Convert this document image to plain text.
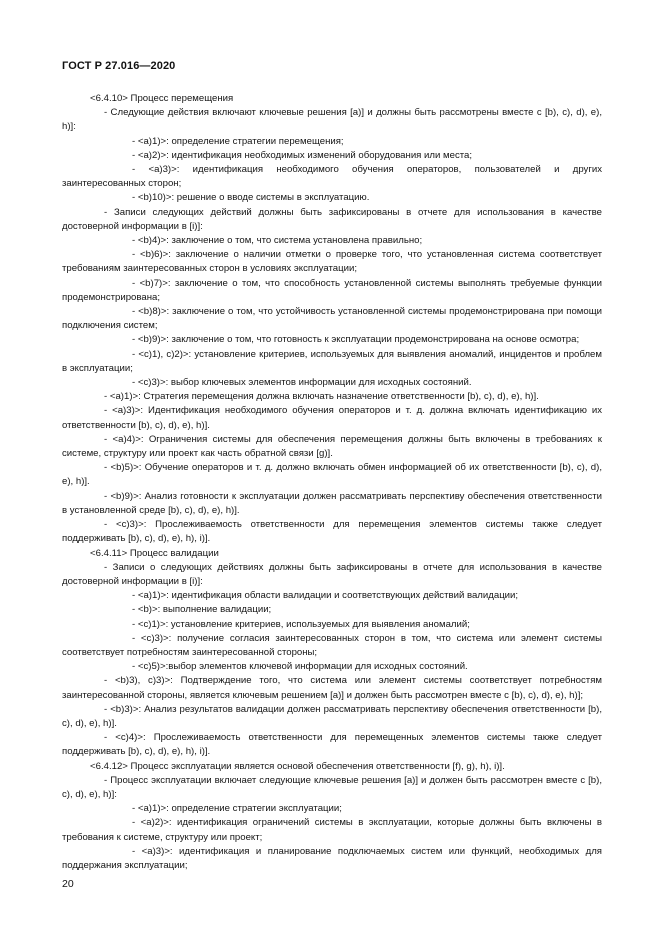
ГОСТ Р 27.016—2020

<6.4.10> Процесс перемещения

- Следующие действия включают ключевые решения [a)] и должны быть рассмотрены вместе с [b), c), d), e), h)]:

- <a)1)>: определение стратегии перемещения;

- <a)2)>: идентификация необходимых изменений оборудования или места;

- <a)3)>: идентификация необходимого обучения операторов, пользователей и других заинтересованных сторон;

- <b)10)>: решение о вводе системы в эксплуатацию.

- Записи следующих действий должны быть зафиксированы в отчете для использования в качестве достоверной информации в [i)]:

- <b)4)>: заключение о том, что система установлена правильно;

- <b)6)>: заключение о наличии отметки о проверке того, что установленная система соответствует требованиям заинтересованных сторон в условиях эксплуатации;

- <b)7)>: заключение о том, что способность установленной системы выполнять требуемые функции продемонстрирована;

- <b)8)>: заключение о том, что устойчивость установленной системы продемонстрирована при помощи подключения систем;

- <b)9)>: заключение о том, что готовность к эксплуатации продемонстрирована на основе осмотра;

- <c)1), c)2)>: установление критериев, используемых для выявления аномалий, инцидентов и проблем в эксплуатации;

- <c)3)>: выбор ключевых элементов информации для исходных состояний.

- <a)1)>: Стратегия перемещения должна включать назначение ответственности [b), c), d), e), h)].

- <a)3)>: Идентификация необходимого обучения операторов и т. д. должна включать идентификацию их ответственности [b), c), d), e), h)].

- <a)4)>: Ограничения системы для обеспечения перемещения должны быть включены в требованиях к системе, структуру или проект как часть обратной связи [g)].

- <b)5)>: Обучение операторов и т. д. должно включать обмен информацией об их ответственности [b), c), d), e), h)].

- <b)9)>: Анализ готовности к эксплуатации должен рассматривать перспективу обеспечения ответственности в установленной среде [b), c), d), e), h)].

- <c)3)>: Прослеживаемость ответственности для перемещения элементов системы также следует поддерживать [b), c), d), e), h), i)].

<6.4.11> Процесс валидации

- Записи о следующих действиях должны быть зафиксированы в отчете для использования в качестве достоверной информации в [i)]:

- <a)1)>: идентификация области валидации и соответствующих действий валидации;

- <b)>: выполнение валидации;

- <c)1)>: установление критериев, используемых для выявления аномалий;

- <c)3)>: получение согласия заинтересованных сторон в том, что система или элемент системы соответствует потребностям заинтересованной стороны;

- <c)5)>:выбор элементов ключевой информации для исходных состояний.

- <b)3), c)3)>: Подтверждение того, что система или элемент системы соответствует потребностям заинтересованной стороны, является ключевым решением [a)] и должен быть рассмотрен вместе с [b), c), d), e), h)];

- <b)3)>: Анализ результатов валидации должен рассматривать перспективу обеспечения ответственности [b), c), d), e), h)].

- <c)4)>: Прослеживаемость ответственности для перемещенных элементов системы также следует поддерживать [b), c), d), e), h), i)].

<6.4.12> Процесс эксплуатации является основой обеспечения ответственности [f), g), h), i)].

- Процесс эксплуатации включает следующие ключевые решения [a)] и должен быть рассмотрен вместе с [b), c), d), e), h)]:

- <a)1)>: определение стратегии эксплуатации;

- <a)2)>: идентификация ограничений системы в эксплуатации, которые должны быть включены в требования к системе, структуру или проект;

- <a)3)>: идентификация и планирование подключаемых систем или функций, необходимых для поддержания эксплуатации;

20
